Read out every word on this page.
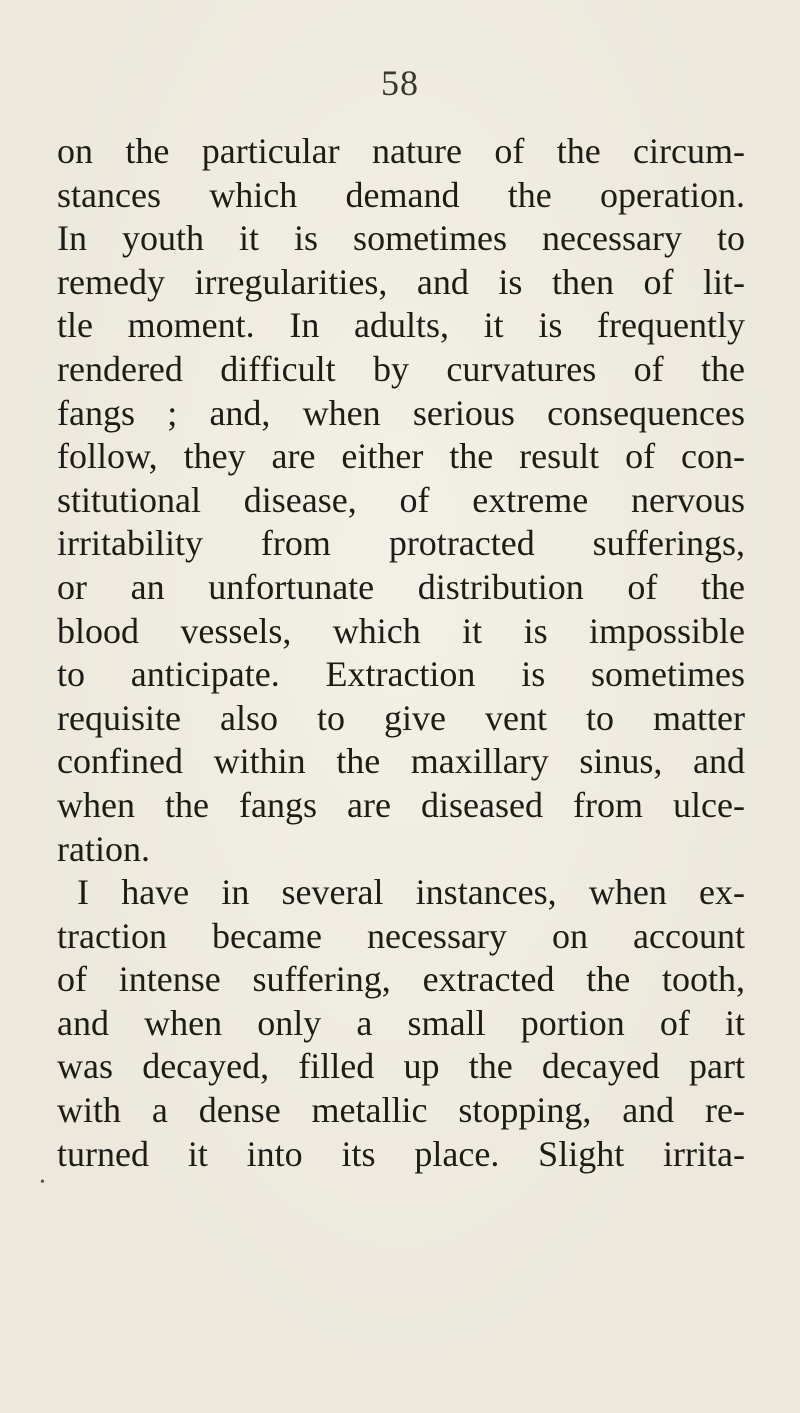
58
on the particular nature of the circum-
stances which demand the operation.
In youth it is sometimes necessary to
remedy irregularities, and is then of lit-
tle moment. In adults, it is frequently
rendered difficult by curvatures of the
fangs ; and, when serious consequences
follow, they are either the result of con-
stitutional disease, of extreme nervous
irritability from protracted sufferings,
or an unfortunate distribution of the
blood vessels, which it is impossible
to anticipate. Extraction is sometimes
requisite also to give vent to matter
confined within the maxillary sinus, and
when the fangs are diseased from ulce-
ration.
I have in several instances, when ex-
traction became necessary on account
of intense suffering, extracted the tooth,
and when only a small portion of it
was decayed, filled up the decayed part
with a dense metallic stopping, and re-
turned it into its place. Slight irrita-
•
